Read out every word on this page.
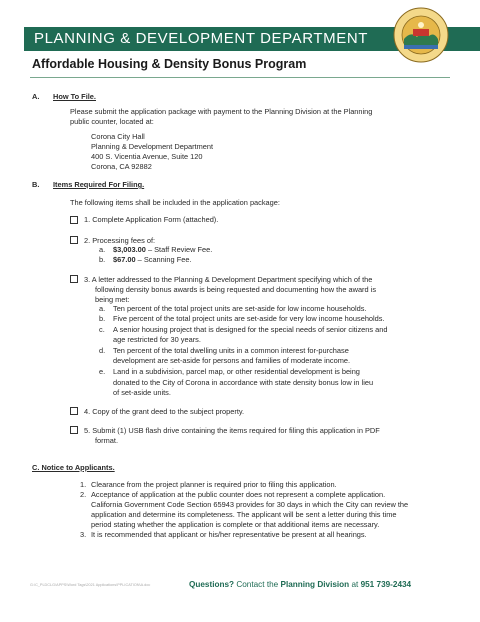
PLANNING & DEVELOPMENT DEPARTMENT
Affordable Housing & Density Bonus Program
A. How To File.
Please submit the application package with payment to the Planning Division at the Planning
public counter, located at:
Corona City Hall
Planning & Development Department
400 S. Vicentia Avenue, Suite 120
Corona, CA 92882
B. Items Required For Filing.
The following items shall be included in the application package:
1. Complete Application Form (attached).
2. Processing fees of:
a. $3,003.00 – Staff Review Fee.
b. $67.00 – Scanning Fee.
3. A letter addressed to the Planning & Development Department specifying which of the
following density bonus awards is being requested and documenting how the award is
being met:
a. Ten percent of the total project units are set-aside for low income households.
b. Five percent of the total project units are set-aside for very low income households.
c. A senior housing project that is designed for the special needs of senior citizens and
age restricted for 30 years.
d. Ten percent of the total dwelling units in a common interest for-purchase
development are set-aside for persons and families of moderate income.
e. Land in a subdivision, parcel map, or other residential development is being
donated to the City of Corona in accordance with state density bonus low in lieu
of set-aside units.
4. Copy of the grant deed to the subject property.
5. Submit (1) USB flash drive containing the items required for filing this application in PDF
format.
C. Notice to Applicants.
1. Clearance from the project planner is required prior to filing this application.
2. Acceptance of application at the public counter does not represent a complete application.
California Government Code Section 65943 provides for 30 days in which the City can review the
application and determine its completeness. The applicant will be sent a letter during this time
period stating whether the application is complete or that additional items are necessary.
3. It is recommended that applicant or his/her representative be present at all hearings.
G:\C_PLDCLG\APPS\Word Tags\2021 Applications\PPLICATION\A.doc	Questions? Contact the Planning Division at 951 739-2434
